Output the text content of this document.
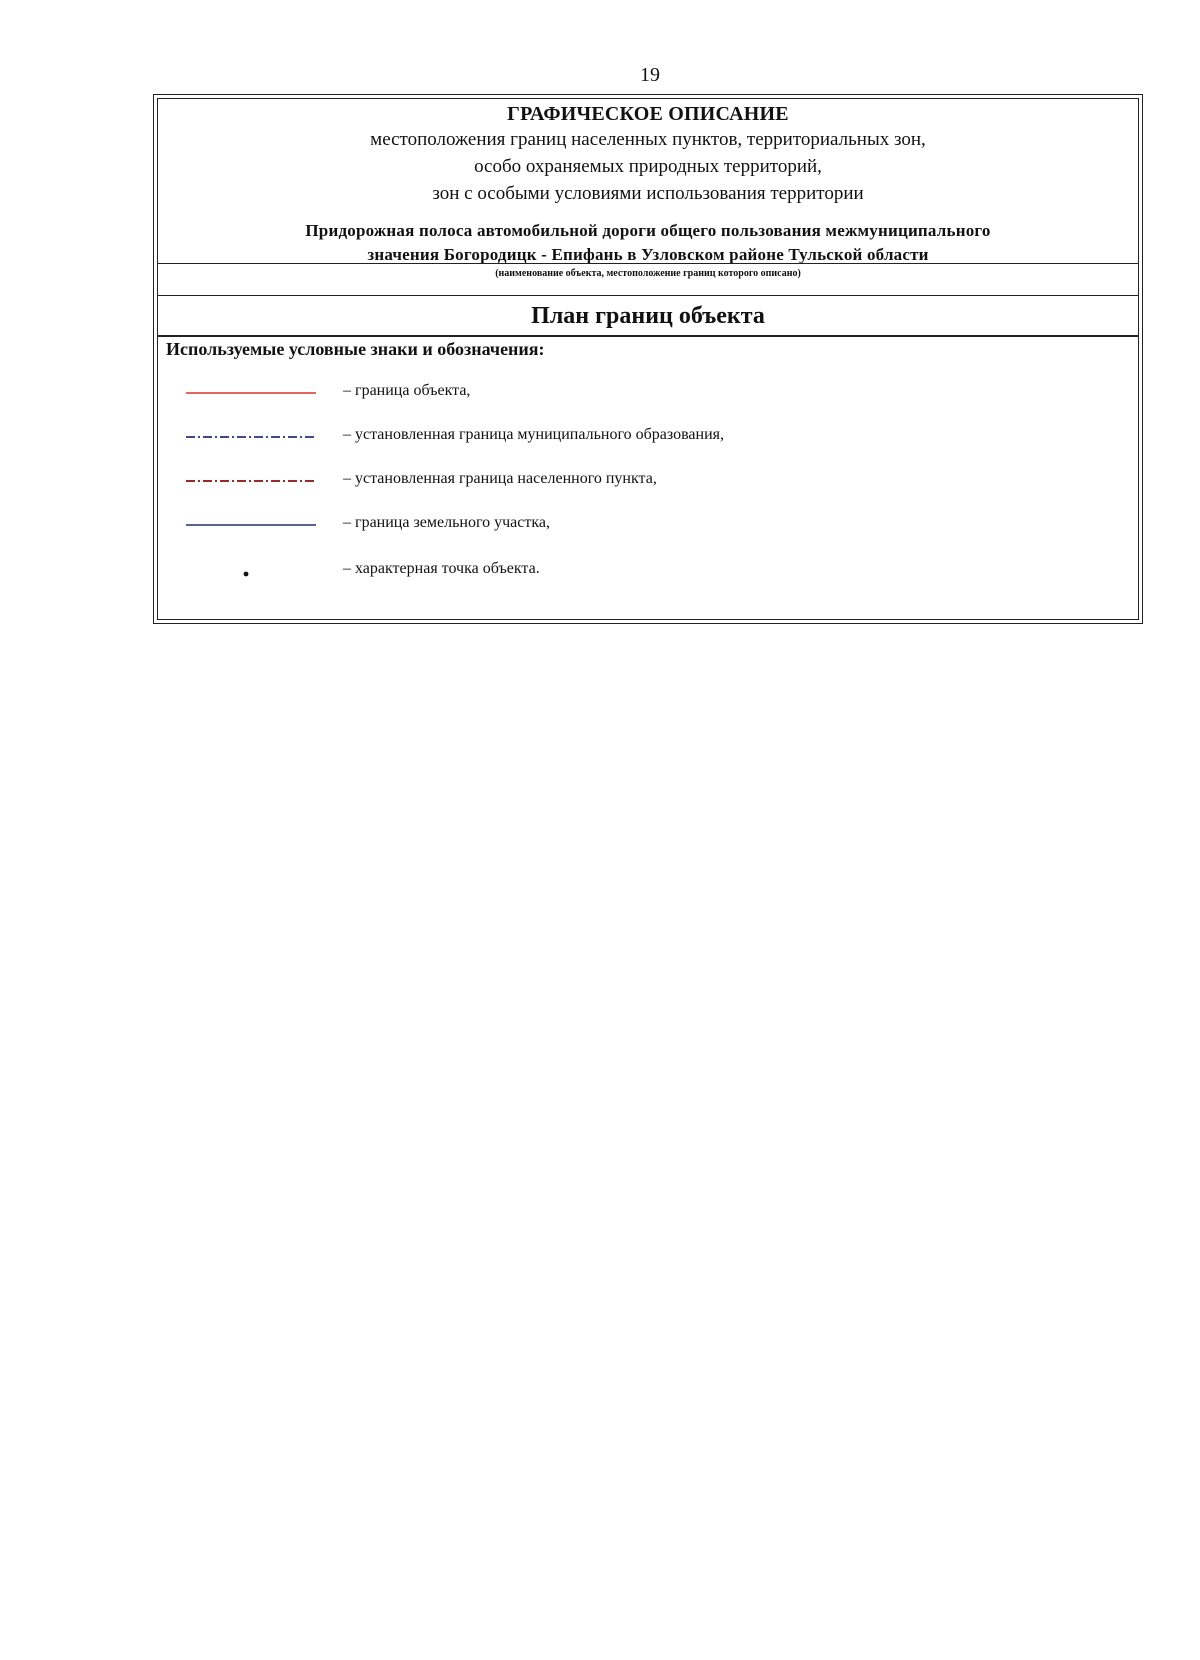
19
ГРАФИЧЕСКОЕ ОПИСАНИЕ
местоположения границ населенных пунктов, территориальных зон,
особо охраняемых природных территорий,
зон с особыми условиями использования территории
Придорожная полоса автомобильной дороги общего пользования межмуниципального
значения Богородицк - Епифань в Узловском районе Тульской области
(наименование объекта, местоположение границ которого описано)
План границ объекта
Используемые условные знаки и обозначения:
– граница объекта,
– установленная граница муниципального образования,
– установленная граница населенного пункта,
– граница земельного участка,
– характерная точка объекта.
